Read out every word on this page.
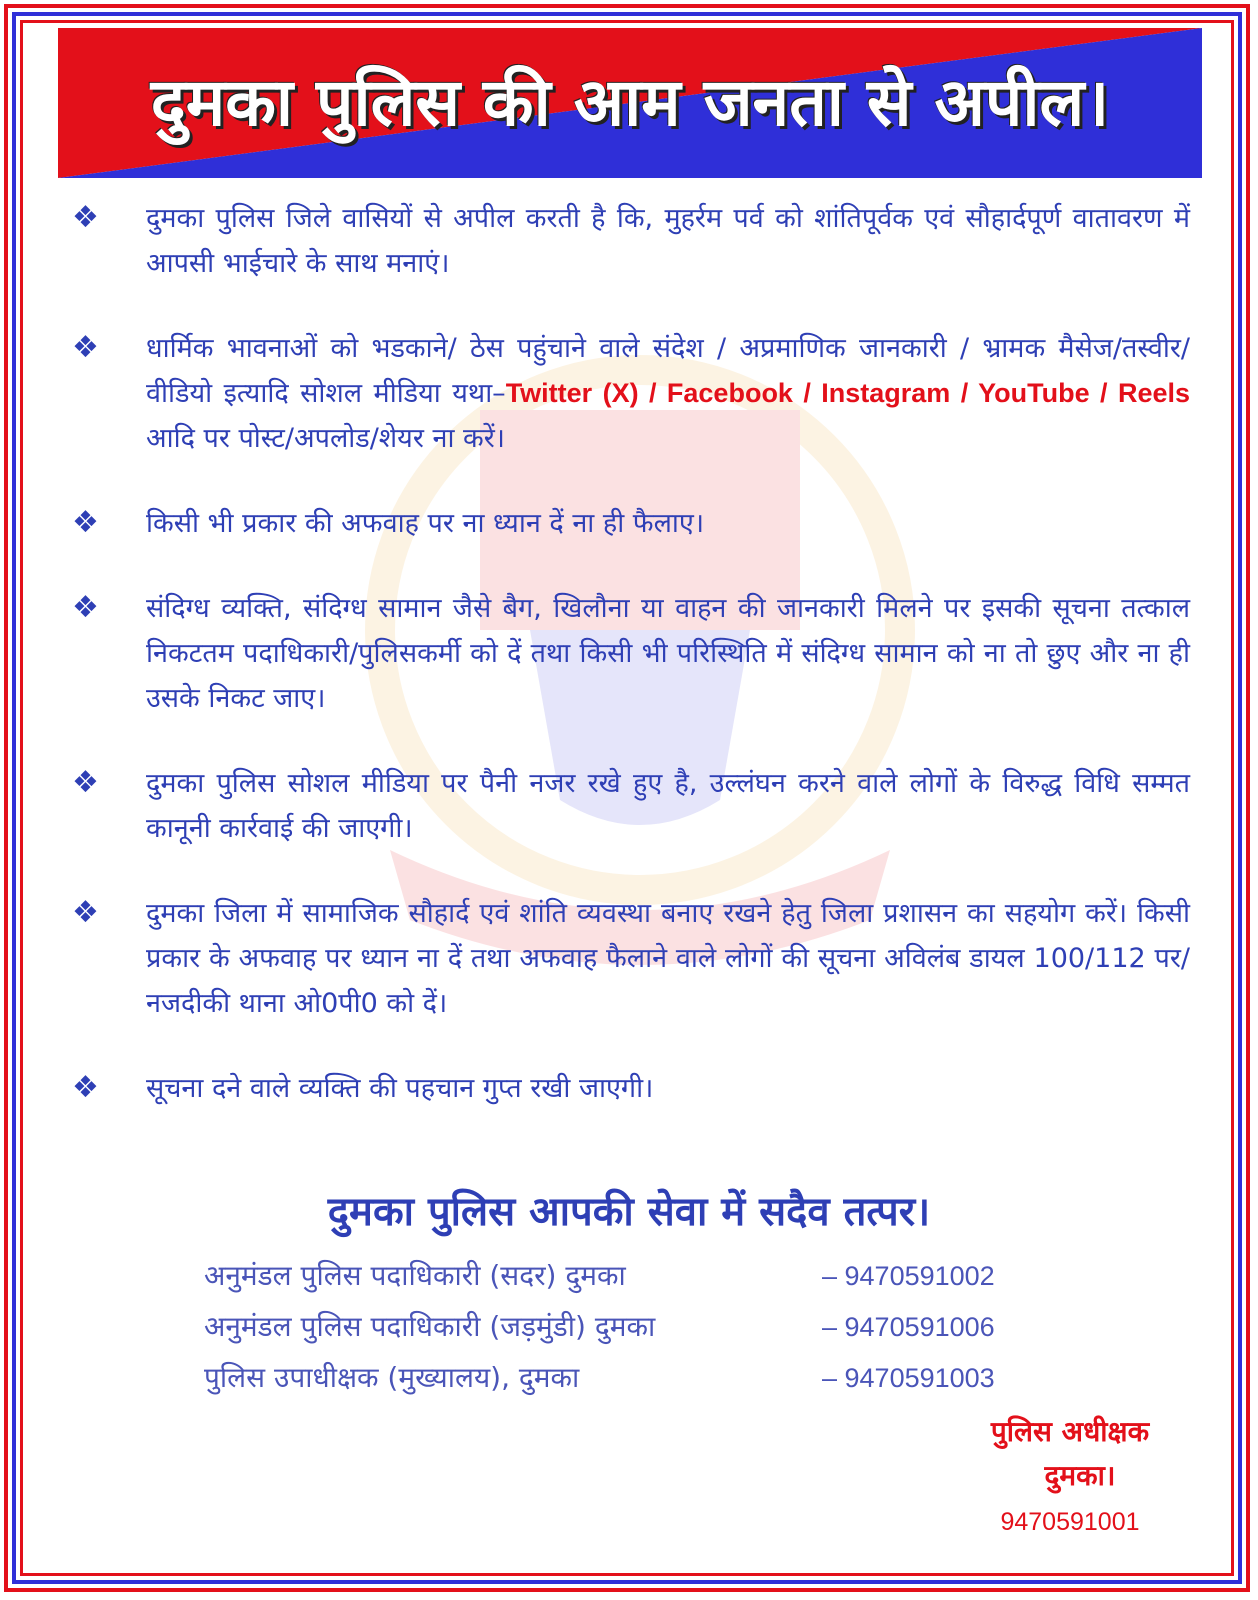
दुमका पुलिस की आम जनता से अपील।
❖ दुमका पुलिस जिले वासियों से अपील करती है कि, मुहर्रम पर्व को शांतिपूर्वक एवं सौहार्दपूर्ण वातावरण में आपसी भाईचारे के साथ मनाएं।
❖ धार्मिक भावनाओं को भडकाने/ ठेस पहुंचाने वाले संदेश / अप्रमाणिक जानकारी / भ्रामक मैसेज/तस्वीर/वीडियो इत्यादि सोशल मीडिया यथा–Twitter (X) / Facebook / Instagram / YouTube / Reels आदि पर पोस्ट/अपलोड/शेयर ना करें।
❖ किसी भी प्रकार की अफवाह पर ना ध्यान दें ना ही फैलाए।
❖ संदिग्ध व्यक्ति, संदिग्ध सामान जैसे बैग, खिलौना या वाहन की जानकारी मिलने पर इसकी सूचना तत्काल निकटतम पदाधिकारी/पुलिसकर्मी को दें तथा किसी भी परिस्थिति में संदिग्ध सामान को ना तो छुए और ना ही उसके निकट जाए।
❖ दुमका पुलिस सोशल मीडिया पर पैनी नजर रखे हुए है, उल्लंघन करने वाले लोगों के विरुद्ध विधि सम्मत कानूनी कार्रवाई की जाएगी।
❖ दुमका जिला में सामाजिक सौहार्द एवं शांति व्यवस्था बनाए रखने हेतु जिला प्रशासन का सहयोग करें। किसी प्रकार के अफवाह पर ध्यान ना दें तथा अफवाह फैलाने वाले लोगों की सूचना अविलंब डायल 100/112 पर/नजदीकी थाना ओ0पी0 को दें।
❖ सूचना दने वाले व्यक्ति की पहचान गुप्त रखी जाएगी।
दुमका पुलिस आपकी सेवा में सदैव तत्पर।
अनुमंडल पुलिस पदाधिकारी (सदर) दुमका	– 9470591002
अनुमंडल पुलिस पदाधिकारी (जड़मुंडी) दुमका	– 9470591006
पुलिस उपाधीक्षक (मुख्यालय), दुमका	– 9470591003
पुलिस अधीक्षक
दुमका।
9470591001
